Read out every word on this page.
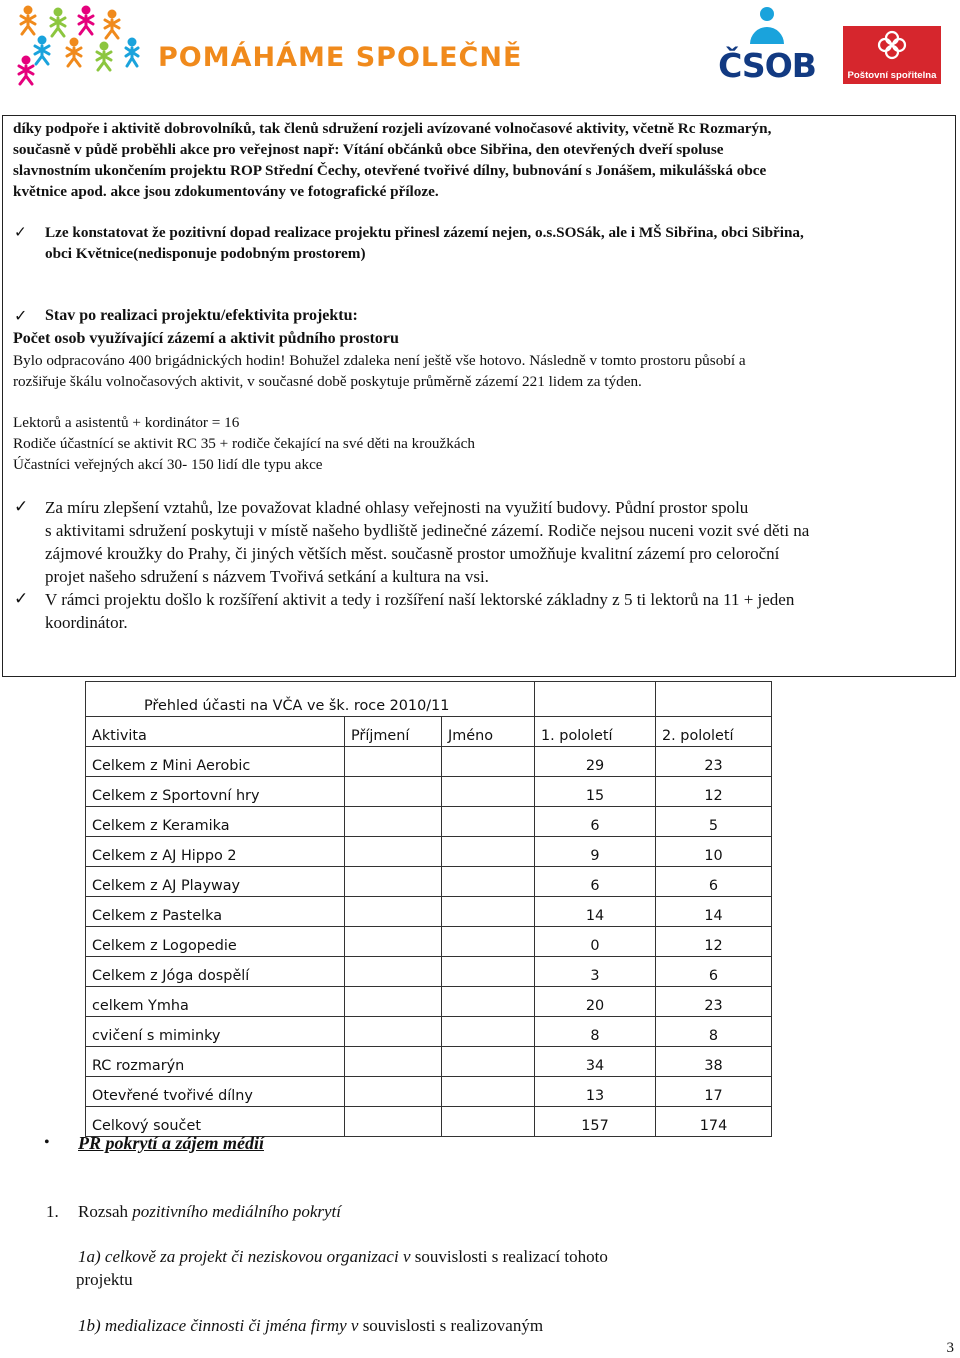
POMÁHÁME SPOLEČNĚ	ČSOB	Poštovní spořitelna
díky podpoře i aktivitě dobrovolníků, tak členů sdružení rozjeli avízované volnočasové aktivity, včetně Rc Rozmarýn,
současně v půdě proběhli akce pro veřejnost např: Vítání občánků obce Sibřina, den otevřených dveří spoluse
slavnostním ukončením projektu ROP Střední Čechy, otevřené tvořivé dílny, bubnování s Jonášem, mikulášská obce
květnice apod. akce jsou zdokumentovány ve fotografické příloze.
✓ Lze konstatovat že pozitivní dopad realizace projektu přinesl zázemí nejen, o.s.SOSák, ale i MŠ Sibřina, obci Sibřina,
obci Květnice(nedisponuje podobným prostorem)
✓ Stav po realizaci projektu/efektivita projektu:
Počet osob využívající zázemí a aktivit půdního prostoru
Bylo odpracováno 400 brigádnických hodin! Bohužel zdaleka není ještě vše hotovo. Následně v tomto prostoru působí a
rozšiřuje škálu volnočasových aktivit, v současné době poskytuje průměrně zázemí 221 lidem za týden.
Lektorů a asistentů + kordinátor = 16
Rodiče účastnící se aktivit RC 35 + rodiče čekající na své děti na kroužkách
Účastníci veřejných akcí 30- 150 lidí dle typu akce
✓ Za míru zlepšení vztahů, lze považovat kladné ohlasy veřejnosti na využití budovy. Půdní prostor spolu
s aktivitami sdružení poskytuji v místě našeho bydliště jedinečné zázemí. Rodiče nejsou nuceni vozit své děti na
zájmové kroužky do Prahy, či jiných větších měst. současně prostor umožňuje kvalitní zázemí pro celoroční
projet našeho sdružení s názvem Tvořivá setkání a kultura na vsi.
✓ V rámci projektu došlo k rozšíření aktivit a tedy i rozšíření naší lektorské základny z 5 ti lektorů na 11 + jeden
koordinátor.
Přehled účasti na VČA ve šk. roce 2010/11				
Aktivita	Příjmení	Jméno	1. pololetí	2. pololetí
Celkem z Mini Aerobic			29	23
Celkem z Sportovní hry			15	12
Celkem z Keramika			6	5
Celkem z AJ Hippo 2			9	10
Celkem z AJ Playway			6	6
Celkem z Pastelka			14	14
Celkem z Logopedie			0	12
Celkem z Jóga dospělí			3	6
celkem Ymha			20	23
cvičení s miminky			8	8
RC rozmarýn			34	38
Otevřené tvořivé dílny			13	17
Celkový součet			157	174
• PR pokrytí a zájem médií
1. Rozsah pozitivního mediálního pokrytí
1a) celkově za projekt či neziskovou organizaci v souvislosti s realizací tohoto
projektu
1b) medializace činnosti či jména firmy v souvislosti s realizovaným
3
